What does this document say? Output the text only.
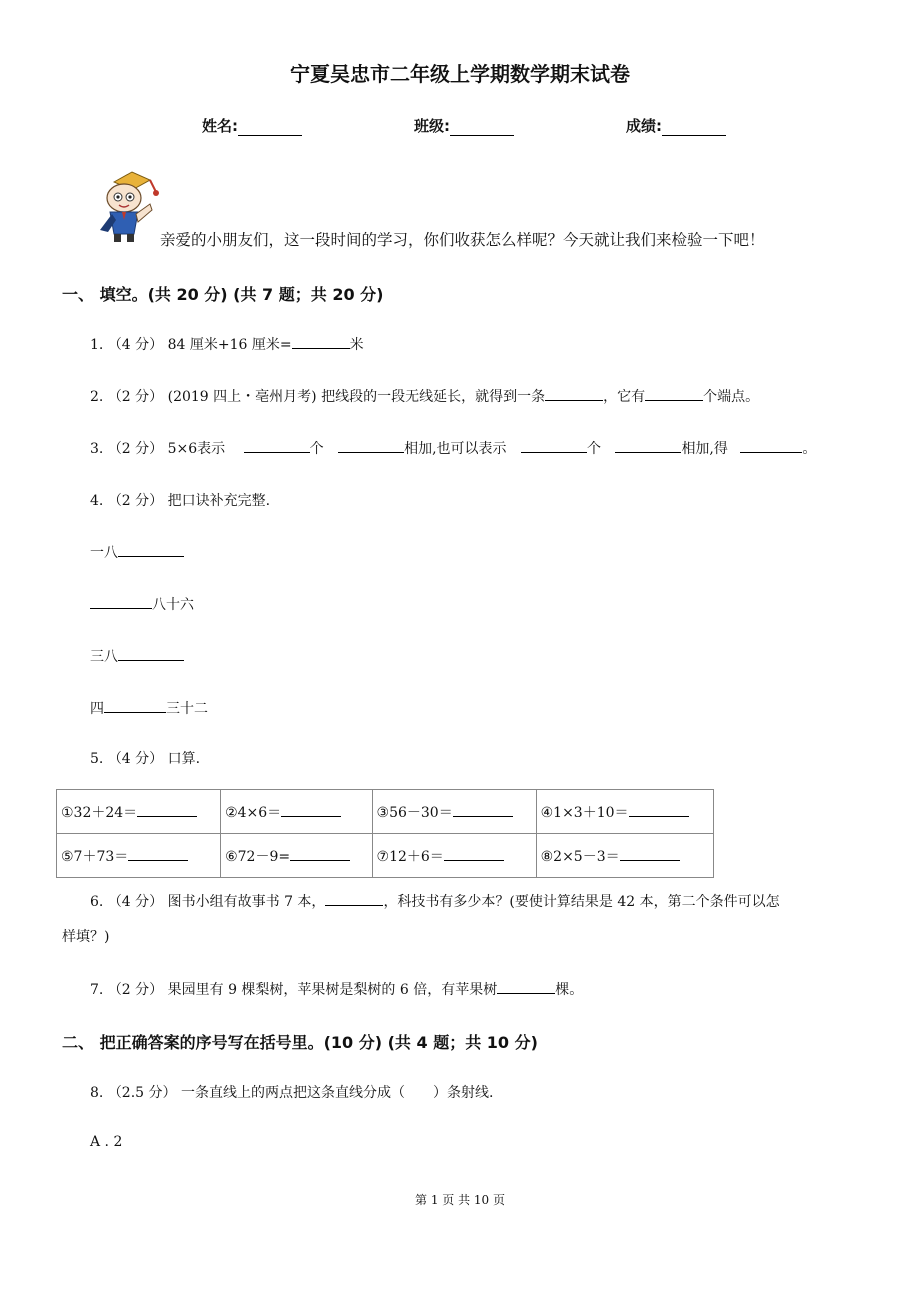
宁夏吴忠市二年级上学期数学期末试卷
姓名:	班级:	成绩:
亲爱的小朋友们，这一段时间的学习，你们收获怎么样呢？今天就让我们来检验一下吧！
一、 填空。(共 20 分) (共 7 题；共 20 分)
1. （4 分） 84 厘米+16 厘米=	米
2. （2 分） (2019 四上・亳州月考) 把线段的一段无线延长，就得到一条	，它有	个端点。
3. （2 分） 5×6表示	个	相加,也可以表示	个	相加,得	。
4. （2 分） 把口诀补充完整.
一八
八十六
三八
四	三十二
5. （4 分） 口算.
①32＋24＝	②4×6＝	③56－30＝	④1×3＋10＝
⑤7＋73＝	⑥72－9=	⑦12＋6＝	⑧2×5－3＝
6. （4 分） 图书小组有故事书 7 本，	，科技书有多少本？(要使计算结果是 42 本，第二个条件可以怎
样填？)
7. （2 分） 果园里有 9 棵梨树，苹果树是梨树的 6 倍，有苹果树	棵。
二、 把正确答案的序号写在括号里。(10 分) (共 4 题；共 10 分)
8. （2.5 分） 一条直线上的两点把这条直线分成（　　）条射线.
A . 2
第 1 页 共 10 页
